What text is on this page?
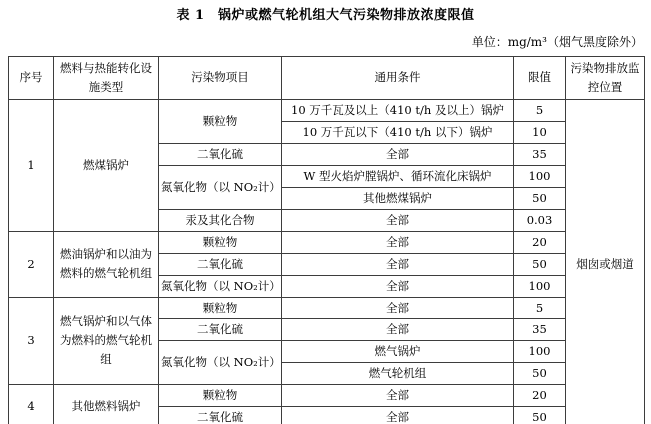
表 1　锅炉或燃气轮机组大气污染物排放浓度限值
单位：mg/m³（烟气黑度除外）
序号	燃料与热能转化设施类型	污染物项目	通用条件	限值	污染物排放监控位置
1	燃煤锅炉	颗粒物	10 万千瓦及以上（410 t/h 及以上）锅炉	5	烟囱或烟道
			10 万千瓦以下（410 t/h 以下）锅炉	10	
		二氧化硫	全部	35	
		氮氧化物（以 NO₂计）	W 型火焰炉膛锅炉、循环流化床锅炉	100	
			其他燃煤锅炉	50	
		汞及其化合物	全部	0.03	
2	燃油锅炉和以油为燃料的燃气轮机组	颗粒物	全部	20	
		二氧化硫	全部	50	
		氮氧化物（以 NO₂计）	全部	100	
3	燃气锅炉和以气体为燃料的燃气轮机组	颗粒物	全部	5	
		二氧化硫	全部	35	
		氮氧化物（以 NO₂计）	燃气锅炉	100	
			燃气轮机组	50	
4	其他燃料锅炉	颗粒物	全部	20	
		二氧化硫	全部	50	
